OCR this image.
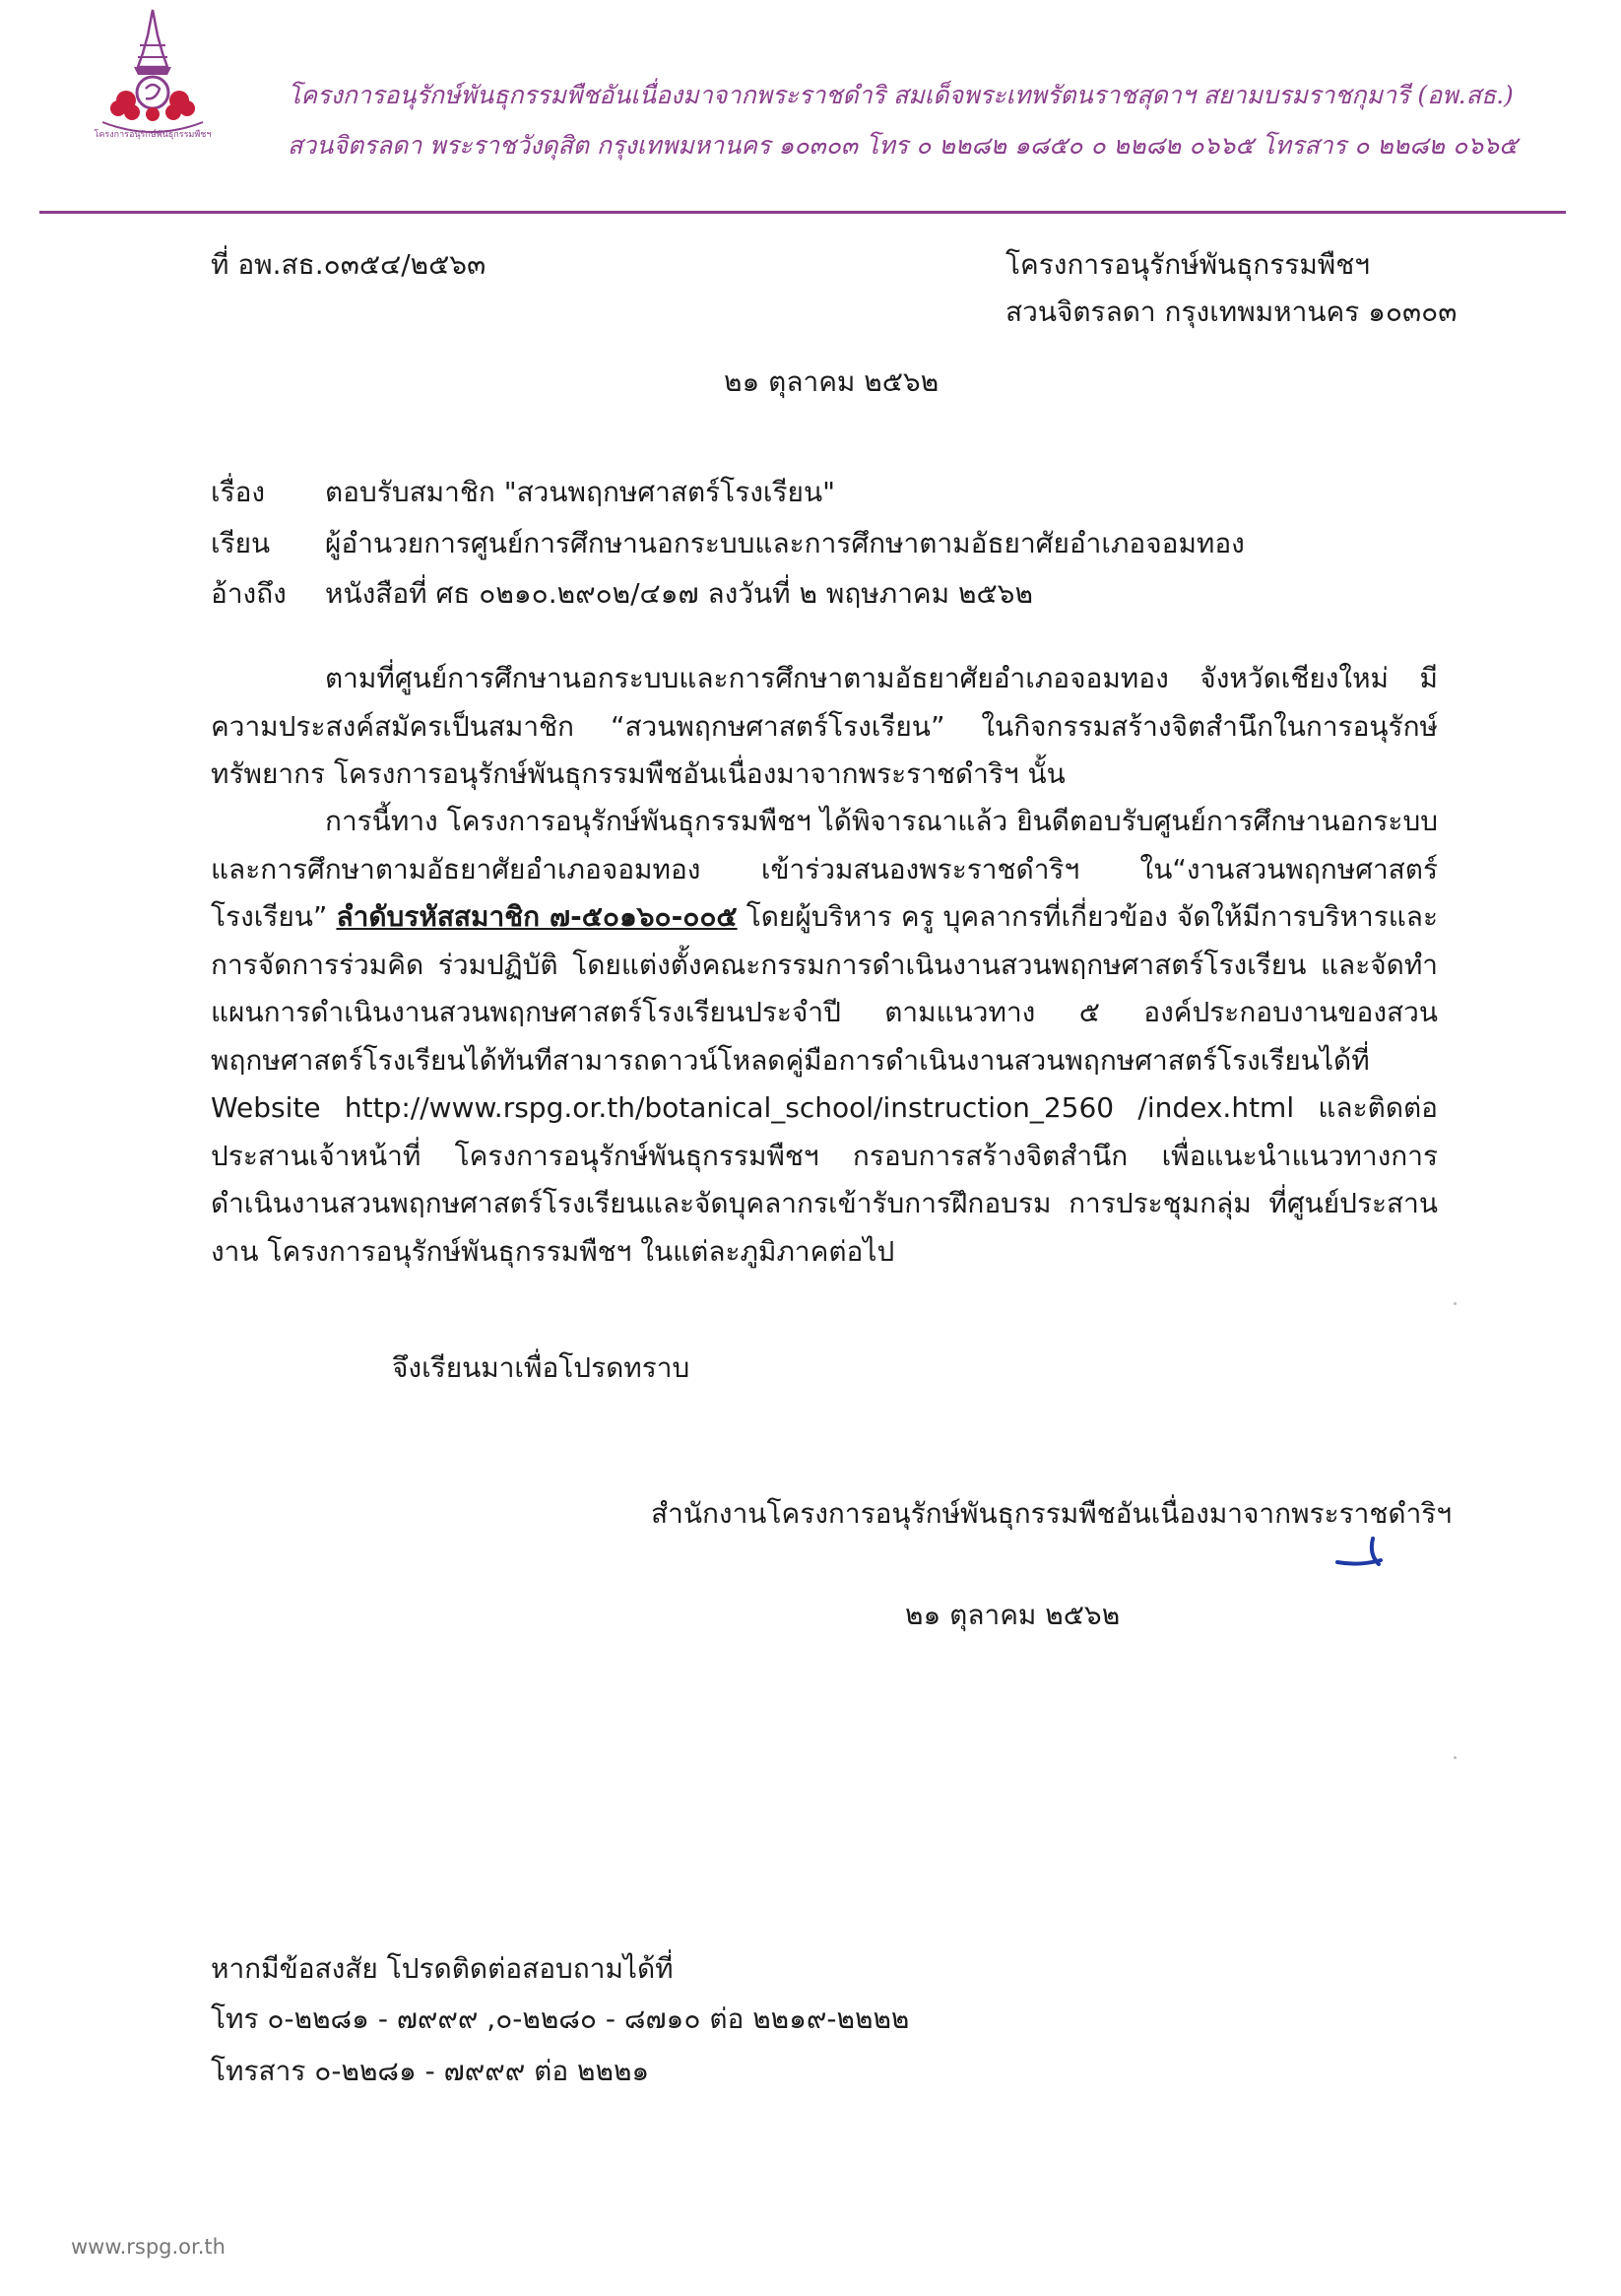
โครงการอนุรักษ์พันธุกรรมพืชฯ
โครงการอนุรักษ์พันธุกรรมพืชอันเนื่องมาจากพระราชดำริ สมเด็จพระเทพรัตนราชสุดาฯ สยามบรมราชกุมารี (อพ.สธ.)
สวนจิตรลดา พระราชวังดุสิต กรุงเทพมหานคร ๑๐๓๐๓ โทร ๐ ๒๒๘๒ ๑๘๕๐ ๐ ๒๒๘๒ ๐๖๖๕ โทรสาร ๐ ๒๒๘๒ ๐๖๖๕
ที่ อพ.สธ.๐๓๕๔/๒๕๖๓	โครงการอนุรักษ์พันธุกรรมพืชฯ
สวนจิตรลดา กรุงเทพมหานคร ๑๐๓๐๓
๒๑ ตุลาคม ๒๕๖๒
เรื่อง ตอบรับสมาชิก "สวนพฤกษศาสตร์โรงเรียน"
เรียน ผู้อำนวยการศูนย์การศึกษานอกระบบและการศึกษาตามอัธยาศัยอำเภอจอมทอง
อ้างถึง หนังสือที่ ศธ ๐๒๑๐.๒๙๐๒/๔๑๗ ลงวันที่ ๒ พฤษภาคม ๒๕๖๒
ตามที่ศูนย์การศึกษานอกระบบและการศึกษาตามอัธยาศัยอำเภอจอมทอง จังหวัดเชียงใหม่ มีความประสงค์สมัครเป็นสมาชิก “สวนพฤกษศาสตร์โรงเรียน” ในกิจกรรมสร้างจิตสำนึกในการอนุรักษ์ทรัพยากร โครงการอนุรักษ์พันธุกรรมพืชอันเนื่องมาจากพระราชดำริฯ นั้น
การนี้ทาง โครงการอนุรักษ์พันธุกรรมพืชฯ ได้พิจารณาแล้ว ยินดีตอบรับศูนย์การศึกษานอกระบบและการศึกษาตามอัธยาศัยอำเภอจอมทอง เข้าร่วมสนองพระราชดำริฯ ใน“งานสวนพฤกษศาสตร์โรงเรียน” ลำดับรหัสสมาชิก ๗-๕๐๑๖๐-๐๐๕ โดยผู้บริหาร ครู บุคลากรที่เกี่ยวข้อง จัดให้มีการบริหารและการจัดการร่วมคิด ร่วมปฏิบัติ โดยแต่งตั้งคณะกรรมการดำเนินงานสวนพฤกษศาสตร์โรงเรียน และจัดทำแผนการดำเนินงานสวนพฤกษศาสตร์โรงเรียนประจำปี ตามแนวทาง ๕ องค์ประกอบงานของสวนพฤกษศาสตร์โรงเรียนได้ทันทีสามารถดาวน์โหลดคู่มือการดำเนินงานสวนพฤกษศาสตร์โรงเรียนได้ที่ Website http://www.rspg.or.th/botanical_school/instruction_2560 /index.html และติดต่อประสานเจ้าหน้าที่ โครงการอนุรักษ์พันธุกรรมพืชฯ กรอบการสร้างจิตสำนึก เพื่อแนะนำแนวทางการดำเนินงานสวนพฤกษศาสตร์โรงเรียนและจัดบุคลากรเข้ารับการฝึกอบรม การประชุมกลุ่ม ที่ศูนย์ประสานงาน โครงการอนุรักษ์พันธุกรรมพืชฯ ในแต่ละภูมิภาคต่อไป
จึงเรียนมาเพื่อโปรดทราบ
สำนักงานโครงการอนุรักษ์พันธุกรรมพืชอันเนื่องมาจากพระราชดำริฯ
๒๑ ตุลาคม ๒๕๖๒
หากมีข้อสงสัย โปรดติดต่อสอบถามได้ที่
โทร ๐-๒๒๘๑ - ๗๙๙๙ ,๐-๒๒๘๐ - ๘๗๑๐ ต่อ ๒๒๑๙-๒๒๒๒
โทรสาร ๐-๒๒๘๑ - ๗๙๙๙ ต่อ ๒๒๒๑
www.rspg.or.th
